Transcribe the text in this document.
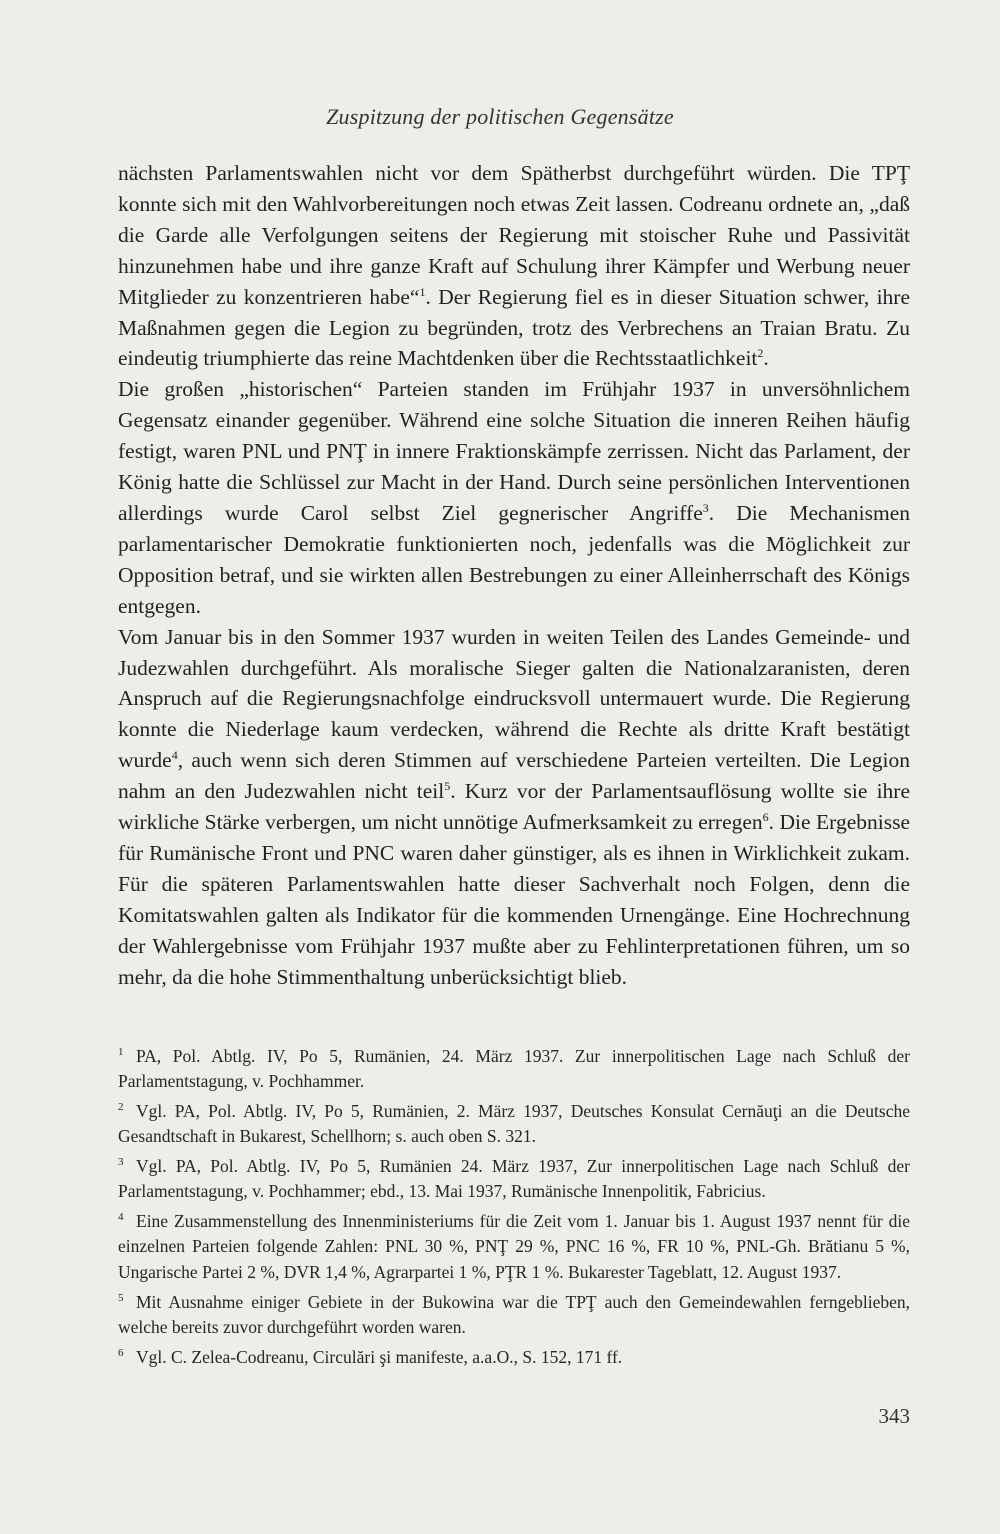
Zuspitzung der politischen Gegensätze

nächsten Parlamentswahlen nicht vor dem Spätherbst durchgeführt würden. Die TPŢ konnte sich mit den Wahlvorbereitungen noch etwas Zeit lassen. Codreanu ordnete an, „daß die Garde alle Verfolgungen seitens der Regierung mit stoischer Ruhe und Passivität hinzunehmen habe und ihre ganze Kraft auf Schulung ihrer Kämpfer und Werbung neuer Mitglieder zu konzentrieren habe“$^1$. Der Regierung fiel es in dieser Situation schwer, ihre Maßnahmen gegen die Legion zu begründen, trotz des Verbrechens an Traian Bratu. Zu eindeutig triumphierte das reine Machtdenken über die Rechtsstaatlichkeit$^2$.

Die großen „historischen“ Parteien standen im Frühjahr 1937 in unversöhnlichem Gegensatz einander gegenüber. Während eine solche Situation die inneren Reihen häufig festigt, waren PNL und PNŢ in innere Fraktionskämpfe zerrissen. Nicht das Parlament, der König hatte die Schlüssel zur Macht in der Hand. Durch seine persönlichen Interventionen allerdings wurde Carol selbst Ziel gegnerischer Angriffe$^3$. Die Mechanismen parlamentarischer Demokratie funktionierten noch, jedenfalls was die Möglichkeit zur Opposition betraf, und sie wirkten allen Bestrebungen zu einer Alleinherrschaft des Königs entgegen.

Vom Januar bis in den Sommer 1937 wurden in weiten Teilen des Landes Gemeinde- und Judezwahlen durchgeführt. Als moralische Sieger galten die Nationalzaranisten, deren Anspruch auf die Regierungsnachfolge eindrucksvoll untermauert wurde. Die Regierung konnte die Niederlage kaum verdecken, während die Rechte als dritte Kraft bestätigt wurde$^4$, auch wenn sich deren Stimmen auf verschiedene Parteien verteilten. Die Legion nahm an den Judezwahlen nicht teil$^5$. Kurz vor der Parlamentsauflösung wollte sie ihre wirkliche Stärke verbergen, um nicht unnötige Aufmerksamkeit zu erregen$^6$. Die Ergebnisse für Rumänische Front und PNC waren daher günstiger, als es ihnen in Wirklichkeit zukam. Für die späteren Parlamentswahlen hatte dieser Sachverhalt noch Folgen, denn die Komitatswahlen galten als Indikator für die kommenden Urnengänge. Eine Hochrechnung der Wahlergebnisse vom Frühjahr 1937 mußte aber zu Fehlinterpretationen führen, um so mehr, da die hohe Stimmenthaltung unberücksichtigt blieb.

1 PA, Pol. Abtlg. IV, Po 5, Rumänien, 24. März 1937. Zur innerpolitischen Lage nach Schluß der Parlamentstagung, v. Pochhammer.

2 Vgl. PA, Pol. Abtlg. IV, Po 5, Rumänien, 2. März 1937, Deutsches Konsulat Cernăuţi an die Deutsche Gesandtschaft in Bukarest, Schellhorn; s. auch oben S. 321.

3 Vgl. PA, Pol. Abtlg. IV, Po 5, Rumänien 24. März 1937, Zur innerpolitischen Lage nach Schluß der Parlamentstagung, v. Pochhammer; ebd., 13. Mai 1937, Rumänische Innenpolitik, Fabricius.

4 Eine Zusammenstellung des Innenministeriums für die Zeit vom 1. Januar bis 1. August 1937 nennt für die einzelnen Parteien folgende Zahlen: PNL 30 %, PNŢ 29 %, PNC 16 %, FR 10 %, PNL-Gh. Brătianu 5 %, Ungarische Partei 2 %, DVR 1,4 %, Agrarpartei 1 %, PŢR 1 %. Bukarester Tageblatt, 12. August 1937.

5 Mit Ausnahme einiger Gebiete in der Bukowina war die TPŢ auch den Gemeindewahlen ferngeblieben, welche bereits zuvor durchgeführt worden waren.

6 Vgl. C. Zelea-Codreanu, Circulări şi manifeste, a.a.O., S. 152, 171 ff.

343
